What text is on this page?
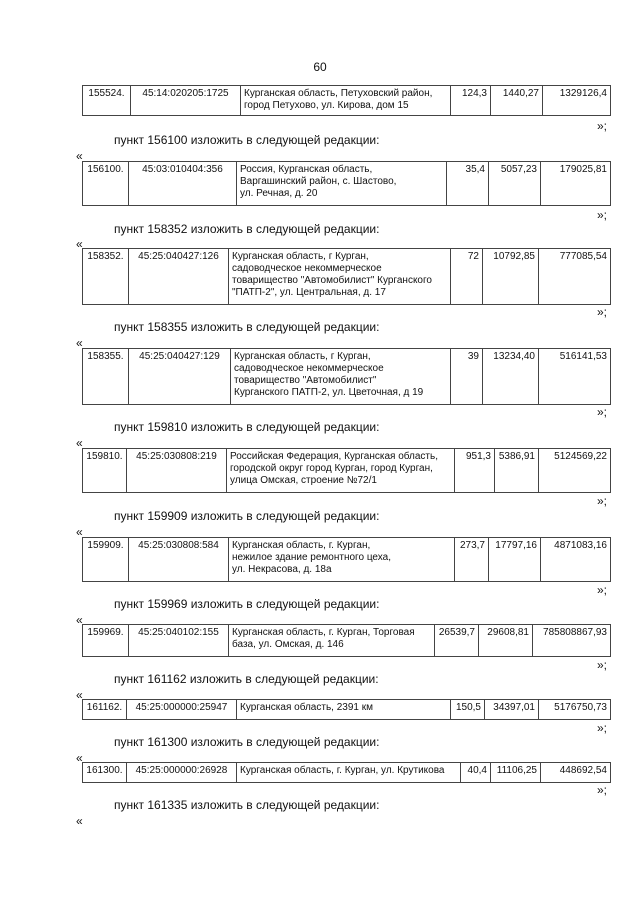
60
155524.	45:14:020205:1725	Курганская область, Петуховский район,
город Петухово, ул. Кирова, дом 15
	124,3	1440,27	1329126,4
»;
пункт 156100 изложить в следующей редакции:
«
156100.	45:03:010404:356	Россия, Курганская область,
Варгашинский район, с. Шастово,
ул. Речная, д. 20
	35,4	5057,23	179025,81
»;
пункт 158352 изложить в следующей редакции:
«
158352.	45:25:040427:126	Курганская область, г Курган,
садоводческое некоммерческое
товарищество "Автомобилист" Курганского
"ПАТП-2", ул. Центральная, д. 17
	72	10792,85	777085,54
»;
пункт 158355 изложить в следующей редакции:
«
158355.	45:25:040427:129	Курганская область, г Курган,
садоводческое некоммерческое
товарищество "Автомобилист"
Курганского ПАТП-2, ул. Цветочная, д 19
	39	13234,40	516141,53
»;
пункт 159810 изложить в следующей редакции:
«
159810.	45:25:030808:219	Российская Федерация, Курганская область,
городской округ город Курган, город Курган,
улица Омская, строение №72/1
	951,3	5386,91	5124569,22
»;
пункт 159909 изложить в следующей редакции:
«
159909.	45:25:030808:584	Курганская область, г. Курган,
нежилое здание ремонтного цеха,
ул. Некрасова, д. 18а
	273,7	17797,16	4871083,16
»;
пункт 159969 изложить в следующей редакции:
«
159969.	45:25:040102:155	Курганская область, г. Курган, Торговая
база, ул. Омская, д. 146
	26539,7	29608,81	785808867,93
»;
пункт 161162 изложить в следующей редакции:
«
161162.	45:25:000000:25947	Курганская область, 2391 км	150,5	34397,01	5176750,73
»;
пункт 161300 изложить в следующей редакции:
«
161300.	45:25:000000:26928	Курганская область, г. Курган, ул. Крутикова	40,4	11106,25	448692,54
»;
пункт 161335 изложить в следующей редакции:
«
